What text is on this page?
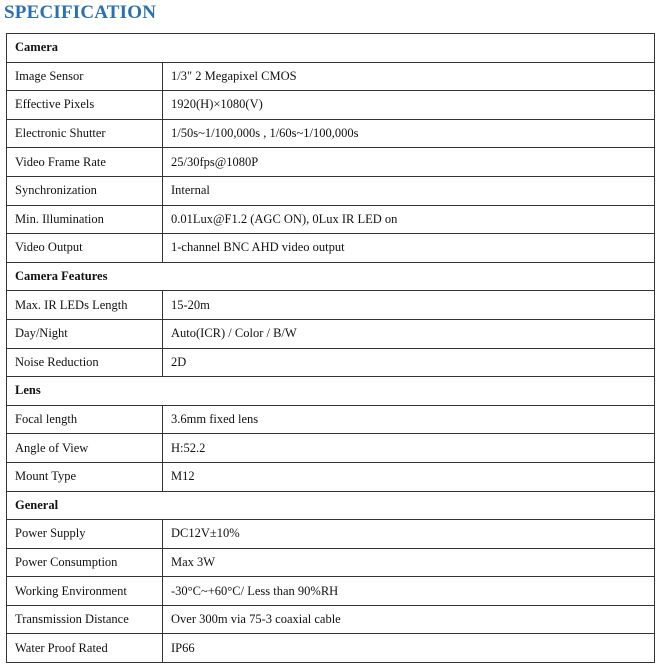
SPECIFICATION
Camera	
Image Sensor	1/3" 2 Megapixel CMOS
Effective Pixels	1920(H)×1080(V)
Electronic Shutter	1/50s~1/100,000s , 1/60s~1/100,000s
Video Frame Rate	25/30fps@1080P
Synchronization	Internal
Min. Illumination	0.01Lux@F1.2 (AGC ON), 0Lux IR LED on
Video Output	1-channel BNC AHD video output
Camera Features	
Max. IR LEDs Length	15-20m
Day/Night	Auto(ICR) / Color / B/W
Noise Reduction	2D
Lens	
Focal length	3.6mm fixed lens
Angle of View	H:52.2
Mount Type	M12
General	
Power Supply	DC12V±10%
Power Consumption	Max 3W
Working Environment	-30°C~+60°C/ Less than 90%RH
Transmission Distance	Over 300m via 75-3 coaxial cable
Water Proof Rated	IP66
